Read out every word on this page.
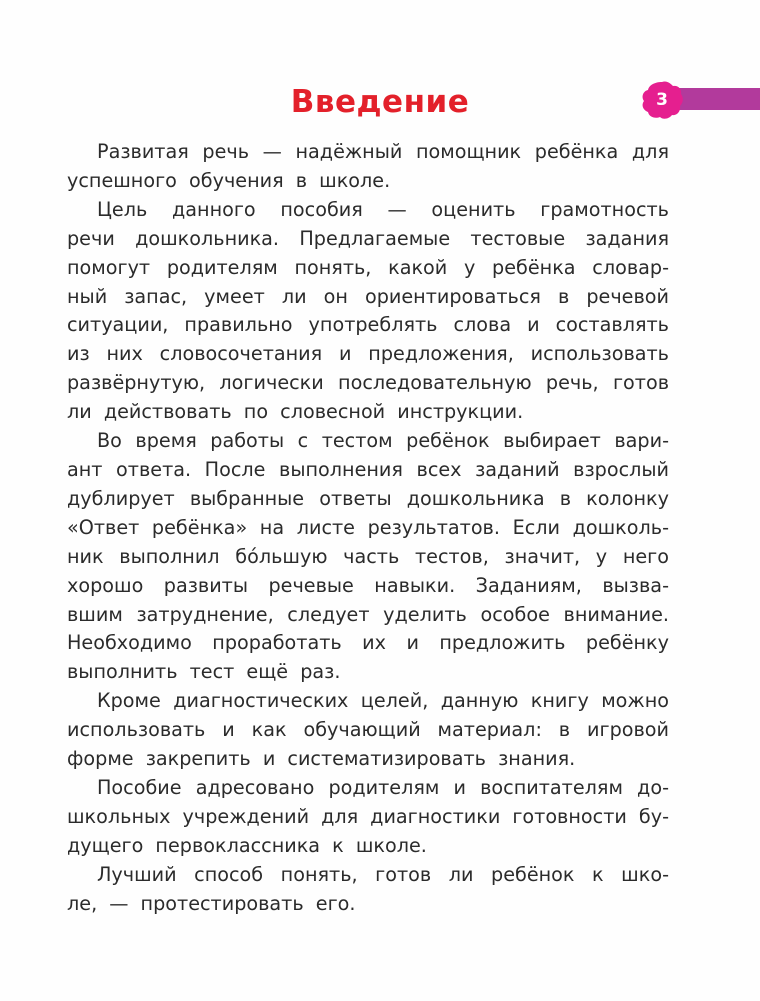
3
Введение

Развитая речь — надёжный помощник ребёнка для
успешного обучения в школе.

Цель данного пособия — оценить грамотность
речи дошкольника. Предлагаемые тестовые задания
помогут родителям понять, какой у ребёнка словар-
ный запас, умеет ли он ориентироваться в речевой
ситуации, правильно употреблять слова и составлять
из них словосочетания и предложения, использовать
развёрнутую, логически последовательную речь, готов
ли действовать по словесной инструкции.

Во время работы с тестом ребёнок выбирает вари-
ант ответа. После выполнения всех заданий взрослый
дублирует выбранные ответы дошкольника в колонку
«Ответ ребёнка» на листе результатов. Если дошколь-
ник выполнил бóльшую часть тестов, значит, у него
хорошо развиты речевые навыки. Заданиям, вызва-
вшим затруднение, следует уделить особое внимание.
Необходимо проработать их и предложить ребёнку
выполнить тест ещё раз.

Кроме диагностических целей, данную книгу можно
использовать и как обучающий материал: в игровой
форме закрепить и систематизировать знания.

Пособие адресовано родителям и воспитателям до-
школьных учреждений для диагностики готовности бу-
дущего первоклассника к школе.

Лучший способ понять, готов ли ребёнок к шко-
ле, — протестировать его.
